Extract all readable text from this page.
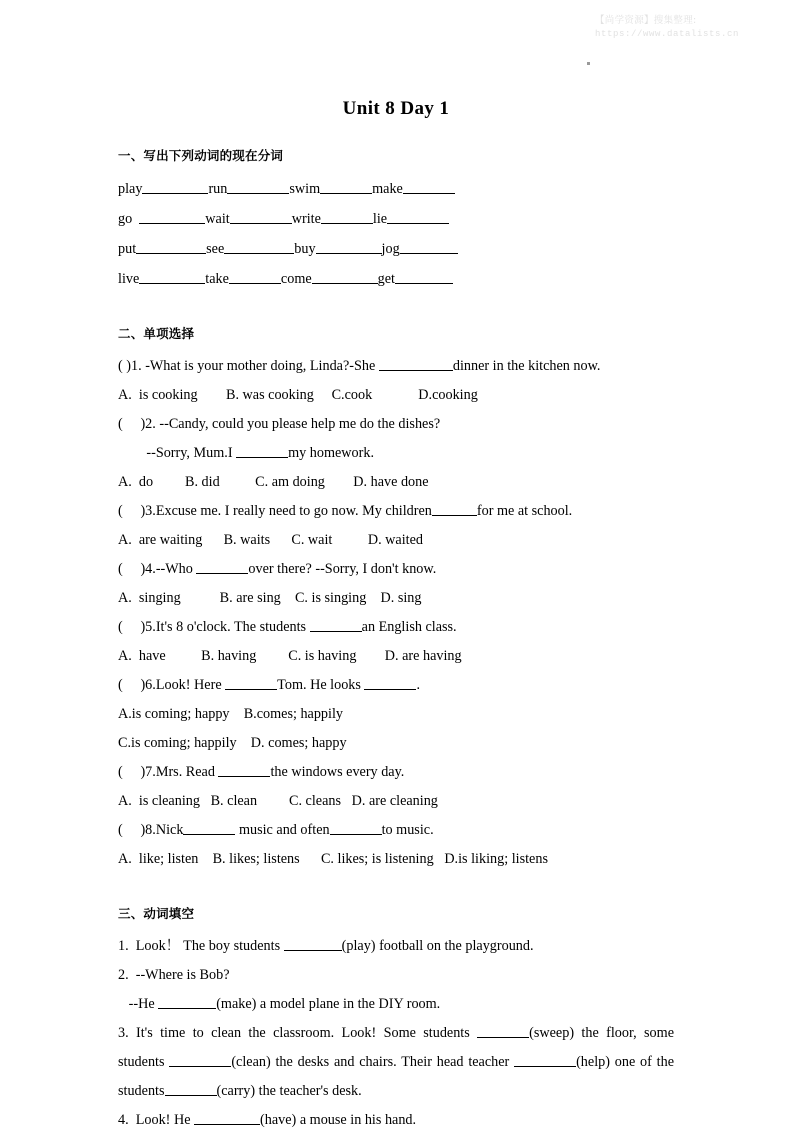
【尚学资源】搜集整理:
https://www.datalists.cn
Unit 8 Day 1
一、写出下列动词的现在分词
play	run	swim	make
go	wait	write	lie
put	see	buy	jog
live	take	come	get
二、单项选择
( )1. -What is your mother doing, Linda?-She	dinner in the kitchen now.
A.  is cooking        B. was cooking     C.cook             D.cooking
(     )2. --Candy, could you please help me do the dishes?
--Sorry, Mum.I	my homework.
A.  do         B. did          C. am doing        D. have done
(     )3.Excuse me. I really need to go now. My children	for me at school.
A.  are waiting      B. waits      C. wait          D. waited
(     )4.--Who	over there? --Sorry, I don't know.
A.  singing           B. are sing    C. is singing    D. sing
(     )5.It's 8 o'clock. The students	an English class.
A.  have          B. having         C. is having        D. are having
(     )6.Look! Here	Tom. He looks	.
A.is coming; happy    B.comes; happily
C.is coming; happily    D. comes; happy
(     )7.Mrs. Read	the windows every day.
A.  is cleaning   B. clean         C. cleans   D. are cleaning
(     )8.Nick	music and often	to music.
A.  like; listen    B. likes; listens      C. likes; is listening   D.is liking; listens
三、动词填空
1.  Look！ The boy students	(play) football on the playground.
2.  --Where is Bob?
--He	(make) a model plane in the DIY room.
3. It's time to clean the classroom. Look! Some students	(sweep) the floor, some students	(clean) the desks and chairs. Their head teacher	(help) one of the students	(carry) the teacher's desk.
4.  Look! He	(have) a mouse in his hand.
